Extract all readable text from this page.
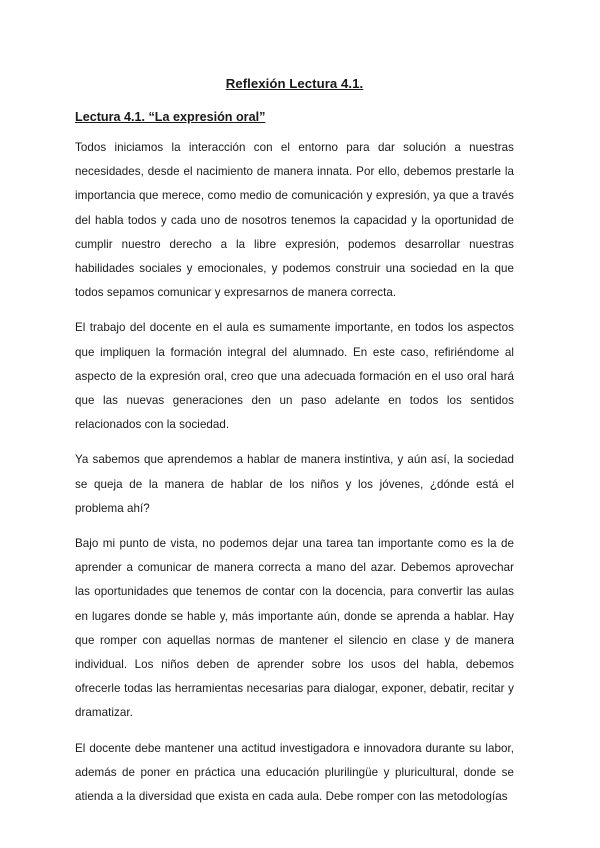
Reflexión Lectura 4.1.
Lectura 4.1. “La expresión oral”

Todos iniciamos la interacción con el entorno para dar solución a nuestras necesidades, desde el nacimiento de manera innata. Por ello, debemos prestarle la importancia que merece, como medio de comunicación y expresión, ya que a través del habla todos y cada uno de nosotros tenemos la capacidad y la oportunidad de cumplir nuestro derecho a la libre expresión, podemos desarrollar nuestras habilidades sociales y emocionales, y podemos construir una sociedad en la que todos sepamos comunicar y expresarnos de manera correcta.

El trabajo del docente en el aula es sumamente importante, en todos los aspectos que impliquen la formación integral del alumnado. En este caso, refiriéndome al aspecto de la expresión oral, creo que una adecuada formación en el uso oral hará que las nuevas generaciones den un paso adelante en todos los sentidos relacionados con la sociedad.

Ya sabemos que aprendemos a hablar de manera instintiva, y aún así, la sociedad se queja de la manera de hablar de los niños y los jóvenes, ¿dónde está el problema ahí?

Bajo mi punto de vista, no podemos dejar una tarea tan importante como es la de aprender a comunicar de manera correcta a mano del azar. Debemos aprovechar las oportunidades que tenemos de contar con la docencia, para convertir las aulas en lugares donde se hable y, más importante aún, donde se aprenda a hablar. Hay que romper con aquellas normas de mantener el silencio en clase y de manera individual. Los niños deben de aprender sobre los usos del habla, debemos ofrecerle todas las herramientas necesarias para dialogar, exponer, debatir, recitar y dramatizar.

El docente debe mantener una actitud investigadora e innovadora durante su labor, además de poner en práctica una educación plurilingüe y pluricultural, donde se atienda a la diversidad que exista en cada aula. Debe romper con las metodologías
